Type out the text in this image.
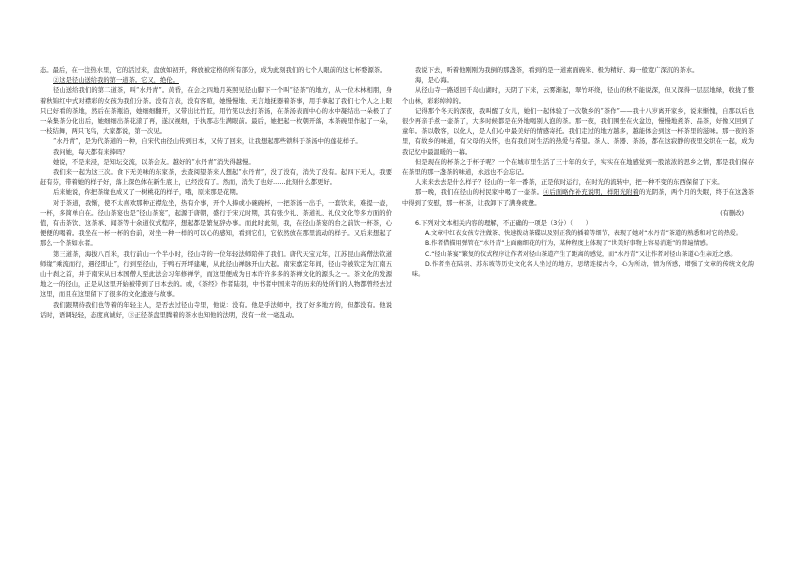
态。最后，在一注热水里，它的活过来，盘放如初开，释放被定格的所有部分，成为此刻我们的七个人眼前的这七杯婺源茶。

②这是径山送给我的第一道茶。它又，绝伦。

径山送给我们的第二道茶，叫“水丹青”。黄昏，在会之四地月英照见径山脚下一个叫“径茶”的地方，从一位木林相朋，身着秋锦红中式对襟彩的女孩为我们分茶。没有言表，没有客暄，她慢慢地、无言地抚器着茶事，用手拿起了我们七个人之上眼只已好看的茶地，然后在茶瓶沿，她细细翻开，又带出比竹匠，用竹筅以去打茶汤，在茶汤表面中心的水中凝结出一朵极了了一朵集茶分化出后，她细细出茶花漾了再，遂汉视细，于执那志生满眼前。最后，她把起一枚朝开落，本茶碗里作起了一朵，一枝结舞，两只飞鸟，大家都说，第一次见。

“水丹青”，是为代茶道的一种，自宋代由径山传到日本，又传了回来，让我想起那些锁科于茶汤中的莲花样子。

我问她，每天都有来捧吗？

她说，不是来浸，是知坛交流，以茶会友。越好的“水丹青”消失得越慢。

我们来一起为这三次。食下无美味的东家茶，去查阅望茶来人想起“水丹青”，没了没有，消失了没有。起四下无人，我要赶有芬，带着她的样子好，落上深色体在新生底上，已经没有了。然而，消失了也好……此刻什么都更好。

后来她说，你把茶缘也成又了一树桃花的样子，哦，原来那是花期。

对于茶道，我惭，使不太喜欢那种正襟危坐，热有介事，开个人捧或小碗碗杯，一把茶汤一出手，一套饮来，难提一壶，一杯，多简单自在。径山茶宴也是“径山茶宴”，起源于唐朝，盛行于宋元时期，其有张少礼、茶道礼、礼仪文化等多方面的价值，有击茶饮、这茶承、闻茶等十余道仪式程序，想起都是繁复辞办事。而此时此刻，我，在径山茶宴的台之前饮一杯茶，心便便的喝着。我坐在一杯一杯的台前，对坐一种一样的可以心的感知，看到它们，它依然放在那里流动的样子。又后来想起了那么一个茶如水者。

第三道茶，海拔八百米，我行前山一个半小时，径山寺的一位年轻法师陪伴了我们。唐代天宝元年，江苏昆山高僧法钦道师缘“乘流而行，遇径即止”，行到至径山，于鸭石开坪建庵，从此径山禅脉开山大起。南宋嘉定年间，径山寺被钦定为江南五山十刹之首，并于南宋从日本国僧人至此法会习年修禅学，而这里便成为日本许许多多的茶禅文化的源头之一。茶文化的发源地之一的径山，正是从这里开始被带到了日本去的。或，《茶经》作者陆羽，中书者中国来寺的历来的处所们的人物都曾经去过这里，而且在这里留下了很多的文化遗迹与故事。

我们跟期待我们也等着的年轻主人，是否去过径山寺里，他说：没有。他是乎法师中，找了好多地方的，但都没有。他说话时，语调轻轻，态度真诚好，③正径茶盘里腾着的茶水也知他的法明，没有一丝一毫乱动。

我说下去，听着他刚刚为我倒的那盏茶，看到的是一道素面碗米、极为精好、海一般宽广深沉的茶水。

海，是心海。

从径山寺一路返回千岛山湖时，天阴了下来，云雾渐起，翠竹环绕，径山的秋不能说深，但又深得一层层地绿，收拢了整个山林，彩彩绰绰的。

记得那个冬天的深夜，我叫醒了女儿，她们一起体验了一次敬乡的“茶作”——我十八岁离开家乡，说来惭愧，自那以后也很少再亲手煮一壶茶了，大多时候都是在外地喝别人泡的茶。那一夜，我们围坐在火盆边，慢慢地煮茶、品茶，好像又回到了童年。茶以敬客，以化人，是人们心中最美好的情感寄托。我们走过的地方越多，越能体会到这一杯茶里的滋味。那一夜的茶里，有故乡的味道，有父母的关怀，也有我们对生活的热爱与希望。茶人、茶器、茶汤，都在这寂静的夜里交织在一起，成为我记忆中最温暖的一幕。

但是现在的杯茶之于杯子呢？一个在城市里生活了三十年的女子，实实在在地感觉到一股浓浓的思乡之情，那是我们保存在茶里的那一盏茶的味道，永远也不会忘记。

人来来去去是什么样子？径山的一年一番茶，正是依时运行，在时光的流转中，把一种不变的东西保留了下来。

那一晚，我们在径山的村民家中喝了一壶茶。④后面略作补充说明，样阳光附着的光阴茶，两个月的失眠，终于在这盏茶中得到了安慰，那一杯茶，让我卸下了满身疲惫。

(有删改)

6.下列对文本相关内容的理解，不正确的一项是（3分）（　　）

A.文章中红衣女孩专注做茶、快速拨动茶碟以及别正我的插着等细节，表现了她对“水丹青”茶道的熟悉和对它的热爱。

B.作者借描用弹管在“水丹青”上面幽细花的行为，某种程度上体现了“世美好事物上容易消逝”的普遍情感。

C.“径山茶宴”繁复的仪式程序让作者对径山茶道产生了距离的感觉，而“水丹青”又让作者对径山茶道心生亲近之感。

D.作者坐在陆羽、苏东坡等历史文化名人坐过的地方，思绪连接古今，心为所动，情为所感，增强了文章的传统文化韵味。
